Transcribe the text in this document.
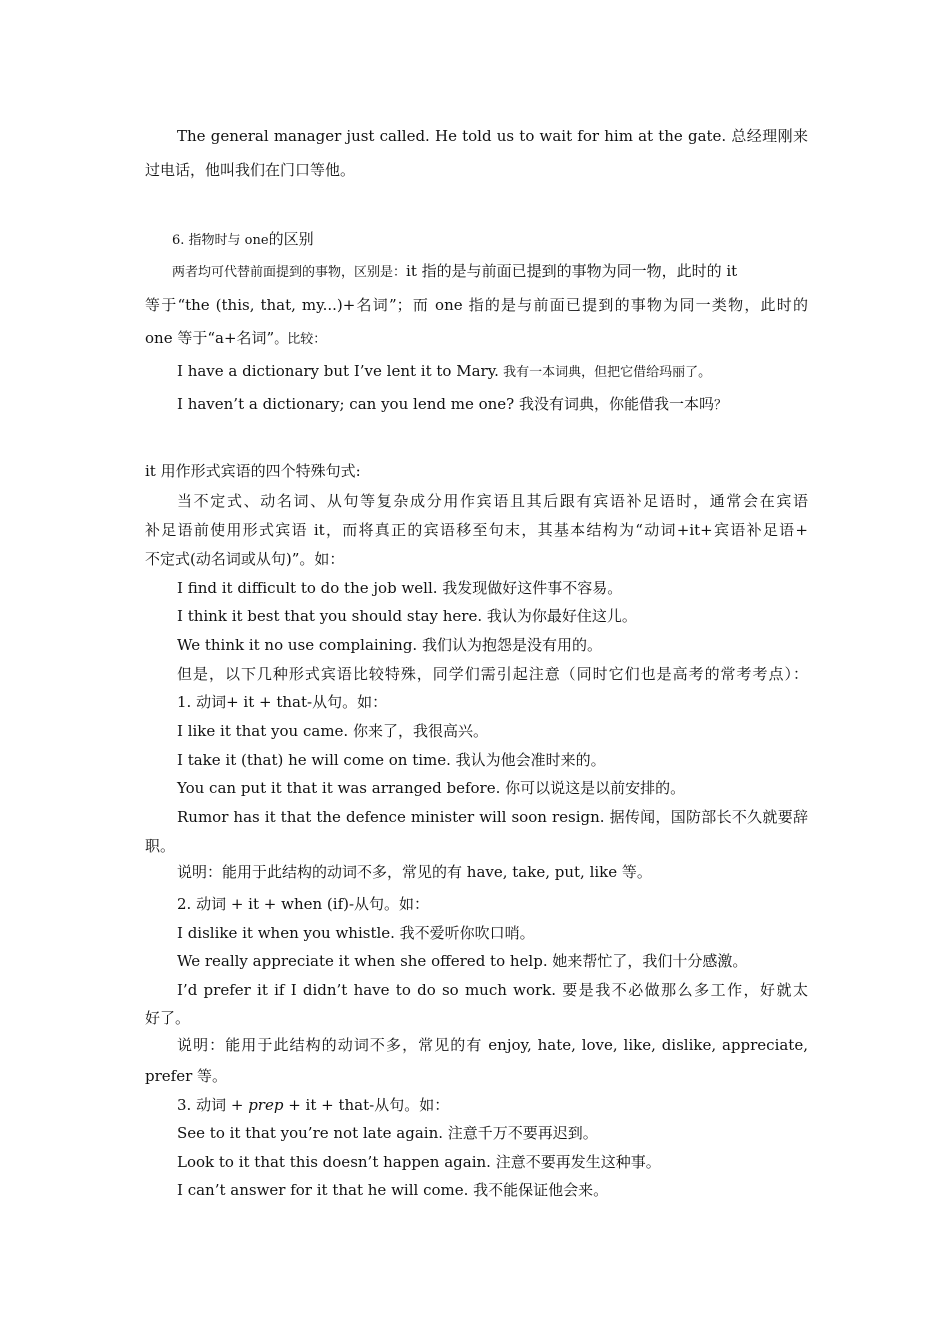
The general manager just called. He told us to wait for him at the gate. 总经理刚来
过电话，他叫我们在门口等他。
6. 指物时与 one的区别
两者均可代替前面提到的事物，区别是：it 指的是与前面已提到的事物为同一物，此时的 it
等于“the (this, that, my...)+名词”；而 one 指的是与前面已提到的事物为同一类物，此时的
one 等于“a+名词”。比较：
I have a dictionary but I’ve lent it to Mary. 我有一本词典，但把它借给玛丽了。
I haven’t a dictionary; can you lend me one? 我没有词典，你能借我一本吗？
it 用作形式宾语的四个特殊句式:
当不定式、动名词、从句等复杂成分用作宾语且其后跟有宾语补足语时，通常会在宾语
补足语前使用形式宾语 it，而将真正的宾语移至句末，其基本结构为“动词+it+宾语补足语+
不定式(动名词或从句)”。如：
I find it difficult to do the job well. 我发现做好这件事不容易。
I think it best that you should stay here. 我认为你最好住这儿。
We think it no use complaining. 我们认为抱怨是没有用的。
但是，以下几种形式宾语比较特殊，同学们需引起注意（同时它们也是高考的常考考点）：
1. 动词+ it + that-从句。如：
I like it that you came. 你来了，我很高兴。
I take it (that) he will come on time. 我认为他会准时来的。
You can put it that it was arranged before. 你可以说这是以前安排的。
Rumor has it that the defence minister will soon resign. 据传闻，国防部长不久就要辞
职。
说明：能用于此结构的动词不多，常见的有 have, take, put, like 等。
2. 动词 + it + when (if)-从句。如：
I dislike it when you whistle. 我不爱听你吹口哨。
We really appreciate it when she offered to help. 她来帮忙了，我们十分感激。
I’d prefer it if I didn’t have to do so much work. 要是我不必做那么多工作，好就太
好了。
说明：能用于此结构的动词不多，常见的有 enjoy, hate, love, like, dislike, appreciate,
prefer 等。
3. 动词 + prep + it + that-从句。如：
See to it that you’re not late again. 注意千万不要再迟到。
Look to it that this doesn’t happen again. 注意不要再发生这种事。
I can’t answer for it that he will come. 我不能保证他会来。
